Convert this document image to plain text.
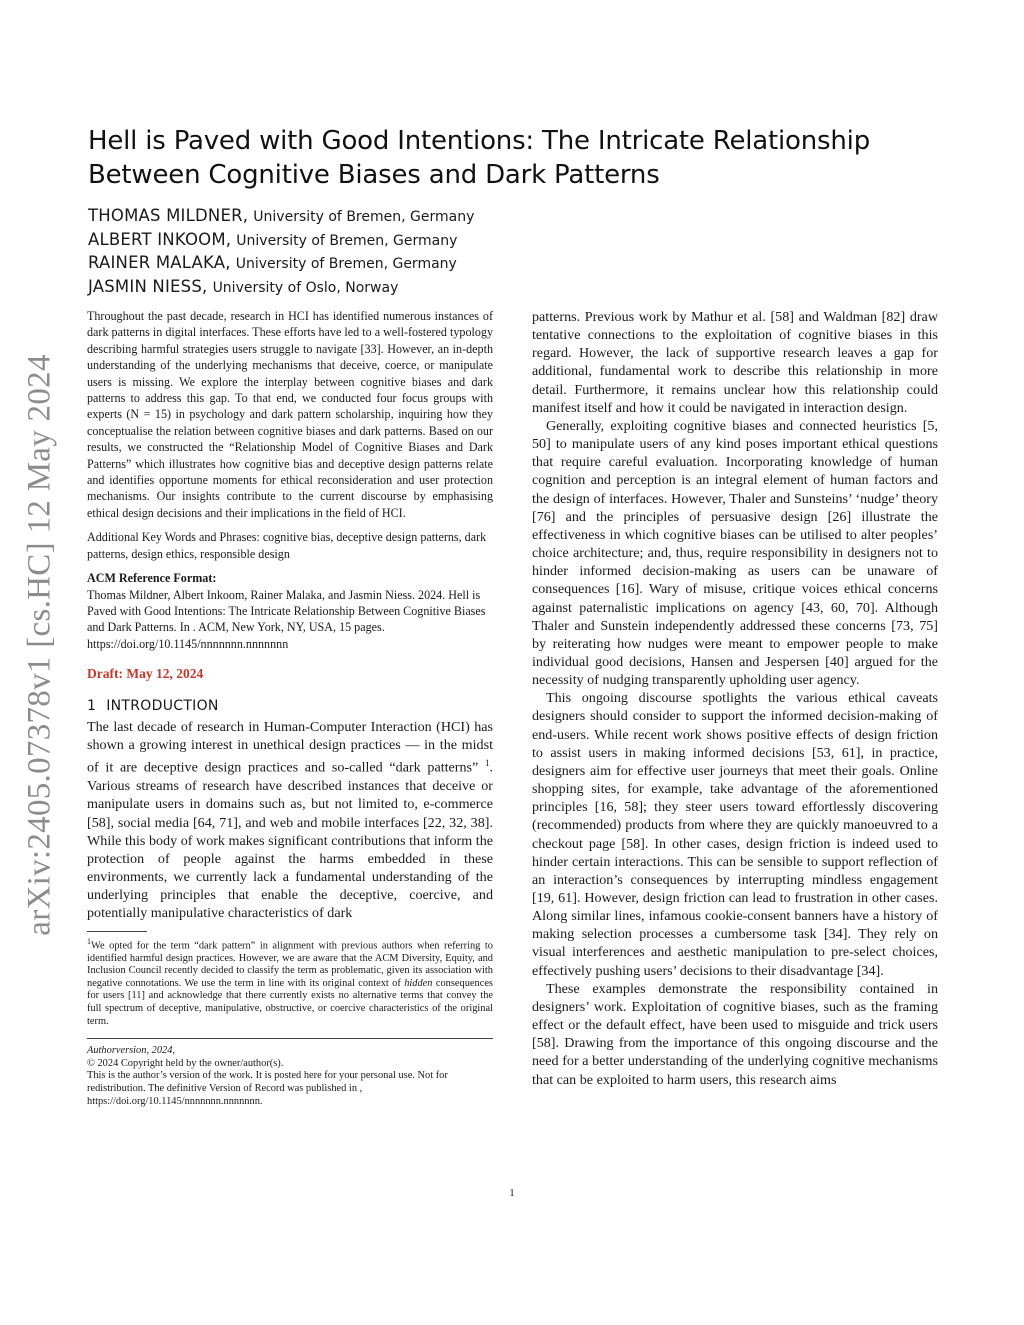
arXiv:2405.07378v1 [cs.HC] 12 May 2024
Hell is Paved with Good Intentions: The Intricate Relationship Between Cognitive Biases and Dark Patterns
THOMAS MILDNER, University of Bremen, Germany
ALBERT INKOOM, University of Bremen, Germany
RAINER MALAKA, University of Bremen, Germany
JASMIN NIESS, University of Oslo, Norway

Throughout the past decade, research in HCI has identified numerous instances of dark patterns in digital interfaces. These efforts have led to a well-fostered typology describing harmful strategies users struggle to navigate [33]. However, an in-depth understanding of the underlying mechanisms that deceive, coerce, or manipulate users is missing. We explore the interplay between cognitive biases and dark patterns to address this gap. To that end, we conducted four focus groups with experts (N = 15) in psychology and dark pattern scholarship, inquiring how they conceptualise the relation between cognitive biases and dark patterns. Based on our results, we constructed the “Relationship Model of Cognitive Biases and Dark Patterns” which illustrates how cognitive bias and deceptive design patterns relate and identifies opportune moments for ethical reconsideration and user protection mechanisms. Our insights contribute to the current discourse by emphasising ethical design decisions and their implications in the field of HCI.

Additional Key Words and Phrases: cognitive bias, deceptive design patterns, dark patterns, design ethics, responsible design

ACM Reference Format:

Thomas Mildner, Albert Inkoom, Rainer Malaka, and Jasmin Niess. 2024. Hell is Paved with Good Intentions: The Intricate Relationship Between Cognitive Biases and Dark Patterns. In . ACM, New York, NY, USA, 15 pages. https://doi.org/10.1145/nnnnnnn.nnnnnnn

Draft: May 12, 2024

1 INTRODUCTION

The last decade of research in Human-Computer Interaction (HCI) has shown a growing interest in unethical design practices — in the midst of it are deceptive design practices and so-called “dark patterns” $^1$. Various streams of research have described instances that deceive or manipulate users in domains such as, but not limited to, e-commerce [58], social media [64, 71], and web and mobile interfaces [22, 32, 38]. While this body of work makes significant contributions that inform the protection of people against the harms embedded in these environments, we currently lack a fundamental understanding of the underlying principles that enable the deceptive, coercive, and potentially manipulative characteristics of dark

$^1$We opted for the term “dark pattern” in alignment with previous authors when referring to identified harmful design practices. However, we are aware that the ACM Diversity, Equity, and Inclusion Council recently decided to classify the term as problematic, given its association with negative connotations. We use the term in line with its original context of hidden consequences for users [11] and acknowledge that there currently exists no alternative terms that convey the full spectrum of deceptive, manipulative, obstructive, or coercive characteristics of the original term.

Authorversion, 2024,

© 2024 Copyright held by the owner/author(s).

This is the author’s version of the work. It is posted here for your personal use. Not for redistribution. The definitive Version of Record was published in , https://doi.org/10.1145/nnnnnnn.nnnnnnn.

patterns. Previous work by Mathur et al. [58] and Waldman [82] draw tentative connections to the exploitation of cognitive biases in this regard. However, the lack of supportive research leaves a gap for additional, fundamental work to describe this relationship in more detail. Furthermore, it remains unclear how this relationship could manifest itself and how it could be navigated in interaction design.

Generally, exploiting cognitive biases and connected heuristics [5, 50] to manipulate users of any kind poses important ethical questions that require careful evaluation. Incorporating knowledge of human cognition and perception is an integral element of human factors and the design of interfaces. However, Thaler and Sunsteins’ ‘nudge’ theory [76] and the principles of persuasive design [26] illustrate the effectiveness in which cognitive biases can be utilised to alter peoples’ choice architecture; and, thus, require responsibility in designers not to hinder informed decision-making as users can be unaware of consequences [16]. Wary of misuse, critique voices ethical concerns against paternalistic implications on agency [43, 60, 70]. Although Thaler and Sunstein independently addressed these concerns [73, 75] by reiterating how nudges were meant to empower people to make individual good decisions, Hansen and Jespersen [40] argued for the necessity of nudging transparently upholding user agency.

This ongoing discourse spotlights the various ethical caveats designers should consider to support the informed decision-making of end-users. While recent work shows positive effects of design friction to assist users in making informed decisions [53, 61], in practice, designers aim for effective user journeys that meet their goals. Online shopping sites, for example, take advantage of the aforementioned principles [16, 58]; they steer users toward effortlessly discovering (recommended) products from where they are quickly manoeuvred to a checkout page [58]. In other cases, design friction is indeed used to hinder certain interactions. This can be sensible to support reflection of an interaction’s consequences by interrupting mindless engagement [19, 61]. However, design friction can lead to frustration in other cases. Along similar lines, infamous cookie-consent banners have a history of making selection processes a cumbersome task [34]. They rely on visual interferences and aesthetic manipulation to pre-select choices, effectively pushing users’ decisions to their disadvantage [34].

These examples demonstrate the responsibility contained in designers’ work. Exploitation of cognitive biases, such as the framing effect or the default effect, have been used to misguide and trick users [58]. Drawing from the importance of this ongoing discourse and the need for a better understanding of the underlying cognitive mechanisms that can be exploited to harm users, this research aims

1
